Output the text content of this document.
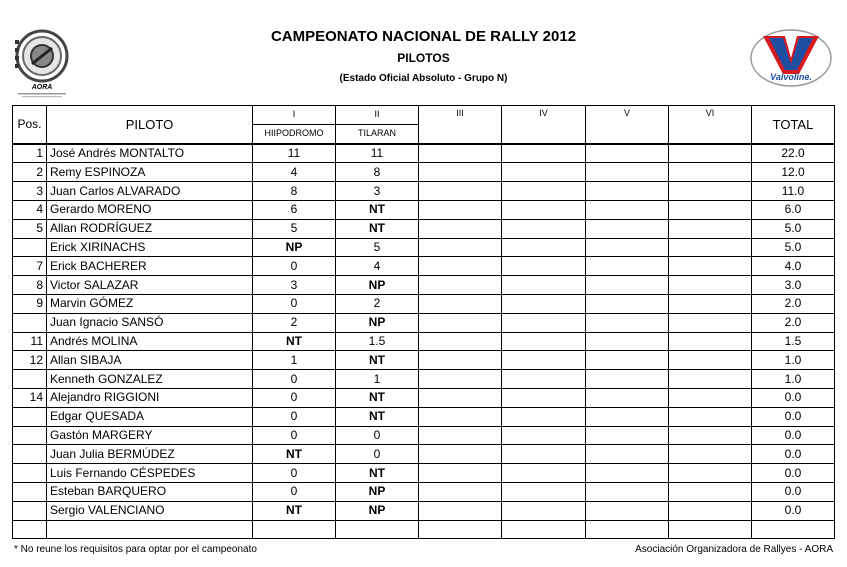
AORA
CAMPEONATO NACIONAL DE RALLY 2012
PILOTOS
(Estado Oficial Absoluto - Grupo N)	Valvoline.
Pos.	PILOTO	I	II	III	IV	V	VI	TOTAL
		HIIPODROMO	TILARAN					
1	José Andrés MONTALTO	11	11					22.0
2	Remy ESPINOZA	4	8					12.0
3	Juan Carlos ALVARADO	8	3					11.0
4	Gerardo MORENO	6	NT					6.0
5	Allan RODRÍGUEZ	5	NT					5.0
	Erick XIRINACHS	NP	5					5.0
7	Erick BACHERER	0	4					4.0
8	Victor SALAZAR	3	NP					3.0
9	Marvin GÓMEZ	0	2					2.0
	Juan Ignacio SANSÓ	2	NP					2.0
11	Andrés MOLINA	NT	1.5					1.5
12	Allan SIBAJA	1	NT					1.0
	Kenneth GONZALEZ	0	1					1.0
14	Alejandro RIGGIONI	0	NT					0.0
	Edgar QUESADA	0	NT					0.0
	Gastón MARGERY	0	0					0.0
	Juan Julia BERMÚDEZ	NT	0					0.0
	Luis Fernando CÉSPEDES	0	NT					0.0
	Esteban BARQUERO	0	NP					0.0
	Sergio VALENCIANO	NT	NP					0.0

* No reune los requisitos para optar por el campeonato	Asociación Organizadora de Rallyes - AORA
